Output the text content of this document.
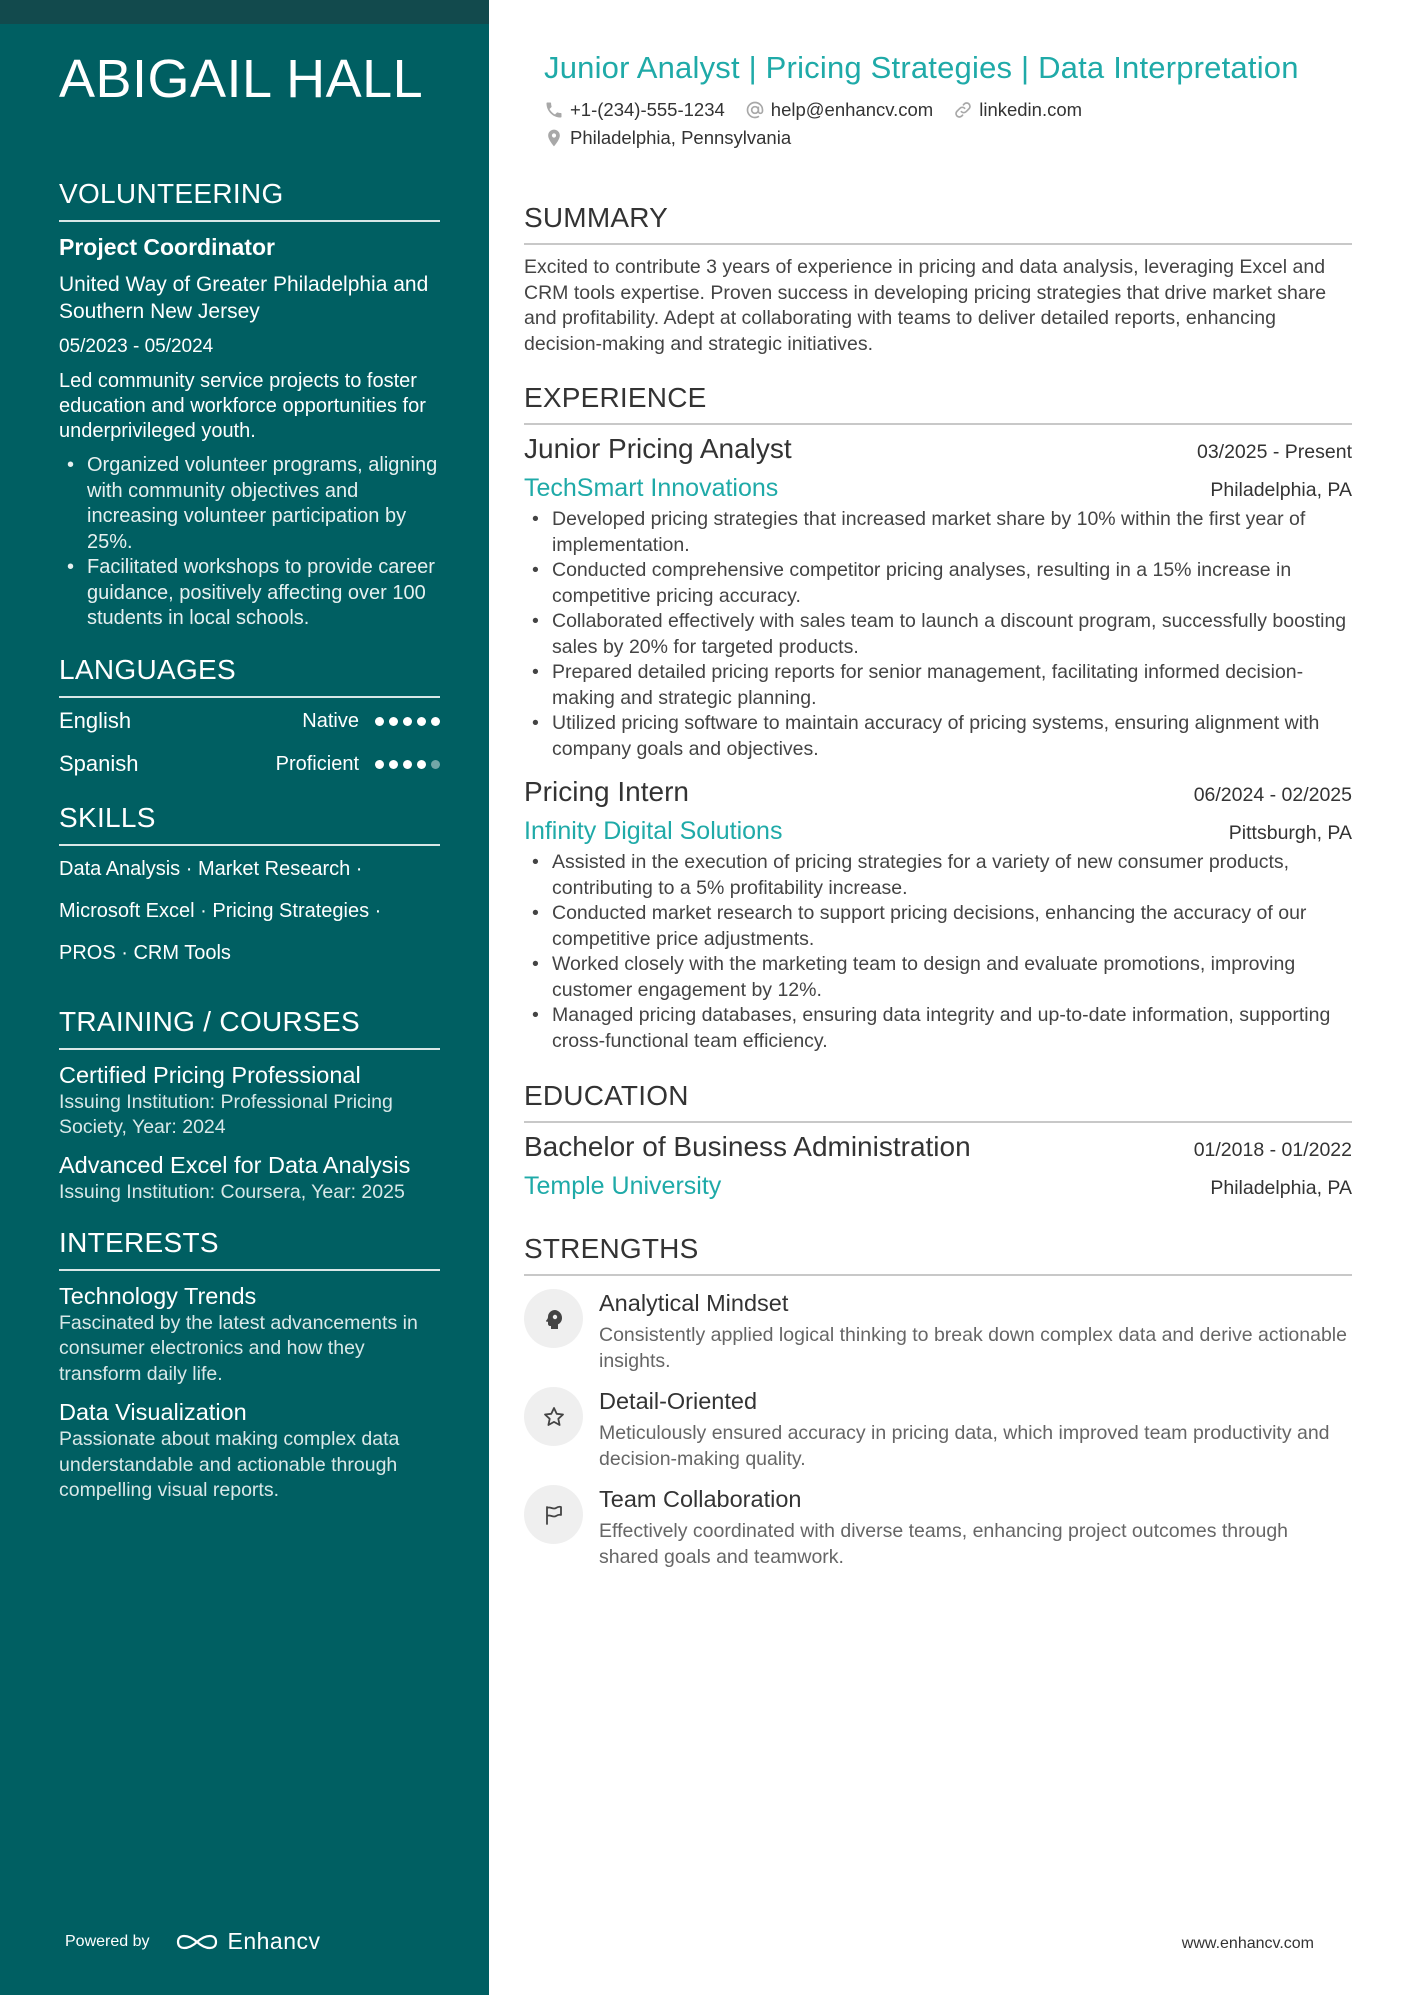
ABIGAIL HALL
VOLUNTEERING
Project Coordinator
United Way of Greater Philadelphia and Southern New Jersey
05/2023 - 05/2024
Led community service projects to foster education and workforce opportunities for underprivileged youth.
• Organized volunteer programs, aligning with community objectives and increasing volunteer participation by 25%.
• Facilitated workshops to provide career guidance, positively affecting over 100 students in local schools.
LANGUAGES
English	Native
Spanish	Proficient
SKILLS
Data Analysis · Market Research ·
Microsoft Excel · Pricing Strategies ·
PROS · CRM Tools
TRAINING / COURSES
Certified Pricing Professional
Issuing Institution: Professional Pricing Society, Year: 2024
Advanced Excel for Data Analysis
Issuing Institution: Coursera, Year: 2025
INTERESTS
Technology Trends
Fascinated by the latest advancements in consumer electronics and how they transform daily life.
Data Visualization
Passionate about making complex data understandable and actionable through compelling visual reports.
Powered by	Enhancv
Junior Analyst | Pricing Strategies | Data Interpretation
+1-(234)-555-1234 help@enhancv.com linkedin.com
Philadelphia, Pennsylvania
SUMMARY

Excited to contribute 3 years of experience in pricing and data analysis, leveraging Excel and CRM tools expertise. Proven success in developing pricing strategies that drive market share and profitability. Adept at collaborating with teams to deliver detailed reports, enhancing decision-making and strategic initiatives.

EXPERIENCE
Junior Pricing Analyst	03/2025 - Present
TechSmart Innovations	Philadelphia, PA
• Developed pricing strategies that increased market share by 10% within the first year of implementation.
• Conducted comprehensive competitor pricing analyses, resulting in a 15% increase in competitive pricing accuracy.
• Collaborated effectively with sales team to launch a discount program, successfully boosting sales by 20% for targeted products.
• Prepared detailed pricing reports for senior management, facilitating informed decision-making and strategic planning.
• Utilized pricing software to maintain accuracy of pricing systems, ensuring alignment with company goals and objectives.
Pricing Intern	06/2024 - 02/2025
Infinity Digital Solutions	Pittsburgh, PA
• Assisted in the execution of pricing strategies for a variety of new consumer products, contributing to a 5% profitability increase.
• Conducted market research to support pricing decisions, enhancing the accuracy of our competitive price adjustments.
• Worked closely with the marketing team to design and evaluate promotions, improving customer engagement by 12%.
• Managed pricing databases, ensuring data integrity and up-to-date information, supporting cross-functional team efficiency.
EDUCATION
Bachelor of Business Administration	01/2018 - 01/2022
Temple University	Philadelphia, PA
STRENGTHS
Analytical Mindset
Consistently applied logical thinking to break down complex data and derive actionable insights.
Detail-Oriented
Meticulously ensured accuracy in pricing data, which improved team productivity and decision-making quality.
Team Collaboration
Effectively coordinated with diverse teams, enhancing project outcomes through shared goals and teamwork.
www.enhancv.com
